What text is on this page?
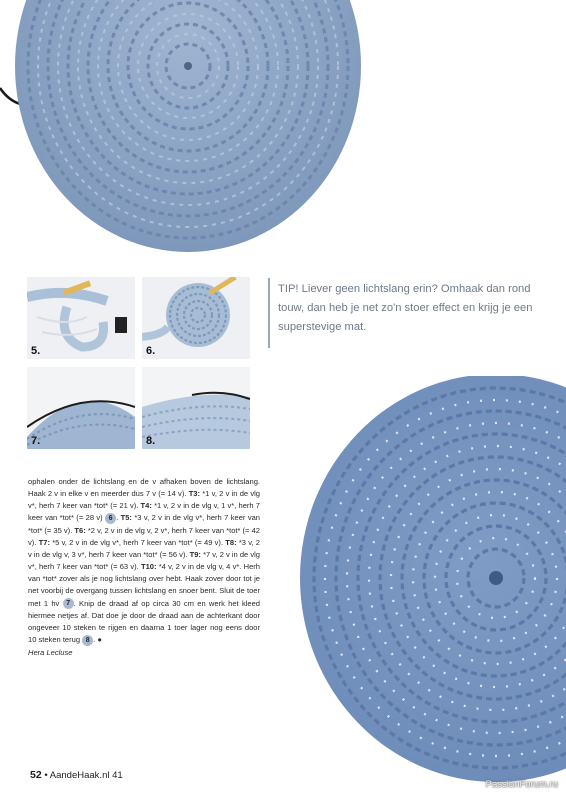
5.	6.
7.	8.
TIP! Liever geen lichtslang erin? Omhaak dan rond touw, dan heb je net zo'n stoer effect en krijg je een superstevige mat.
ophalen onder de lichtslang en de v afhaken boven de lichtslang. Haak 2 v in elke v en meerder dus 7 v (= 14 v). T3: *1 v, 2 v in de vlg v*, herh 7 keer van *tot* (= 21 v). T4: *1 v, 2 v in de vlg v, 1 v*, herh 7 keer van *tot* (= 28 v) 6 . T5: *3 v, 2 v in de vlg v*, herh 7 keer van *tot* (= 35 v). T6: *2 v, 2 v in de vlg v, 2 v*, herh 7 keer van *tot* (= 42 v). T7: *5 v, 2 v in de vlg v*, herh 7 keer van *tot* (= 49 v). T8: *3 v, 2 v in de vlg v, 3 v*, herh 7 keer van *tot* (= 56 v). T9: *7 v, 2 v in de vlg v*, herh 7 keer van *tot* (= 63 v). T10: *4 v, 2 v in de vlg v, 4 v*. Herh van *tot* zover als je nog lichtslang over hebt. Haak zover door tot je net voorbij de overgang tussen lichtslang en snoer bent. Sluit de toer met 1 hv 7 . Knip de draad af op circa 30 cm en werk het kleed hiermee netjes af. Dat doe je door de draad aan de achterkant door ongeveer 10 steken te rijgen en daarna 1 toer lager nog eens door 10 steken terug 8 . ●
Hera Lecluse
52 • AandeHaak.nl 41
PassionForum.ru
